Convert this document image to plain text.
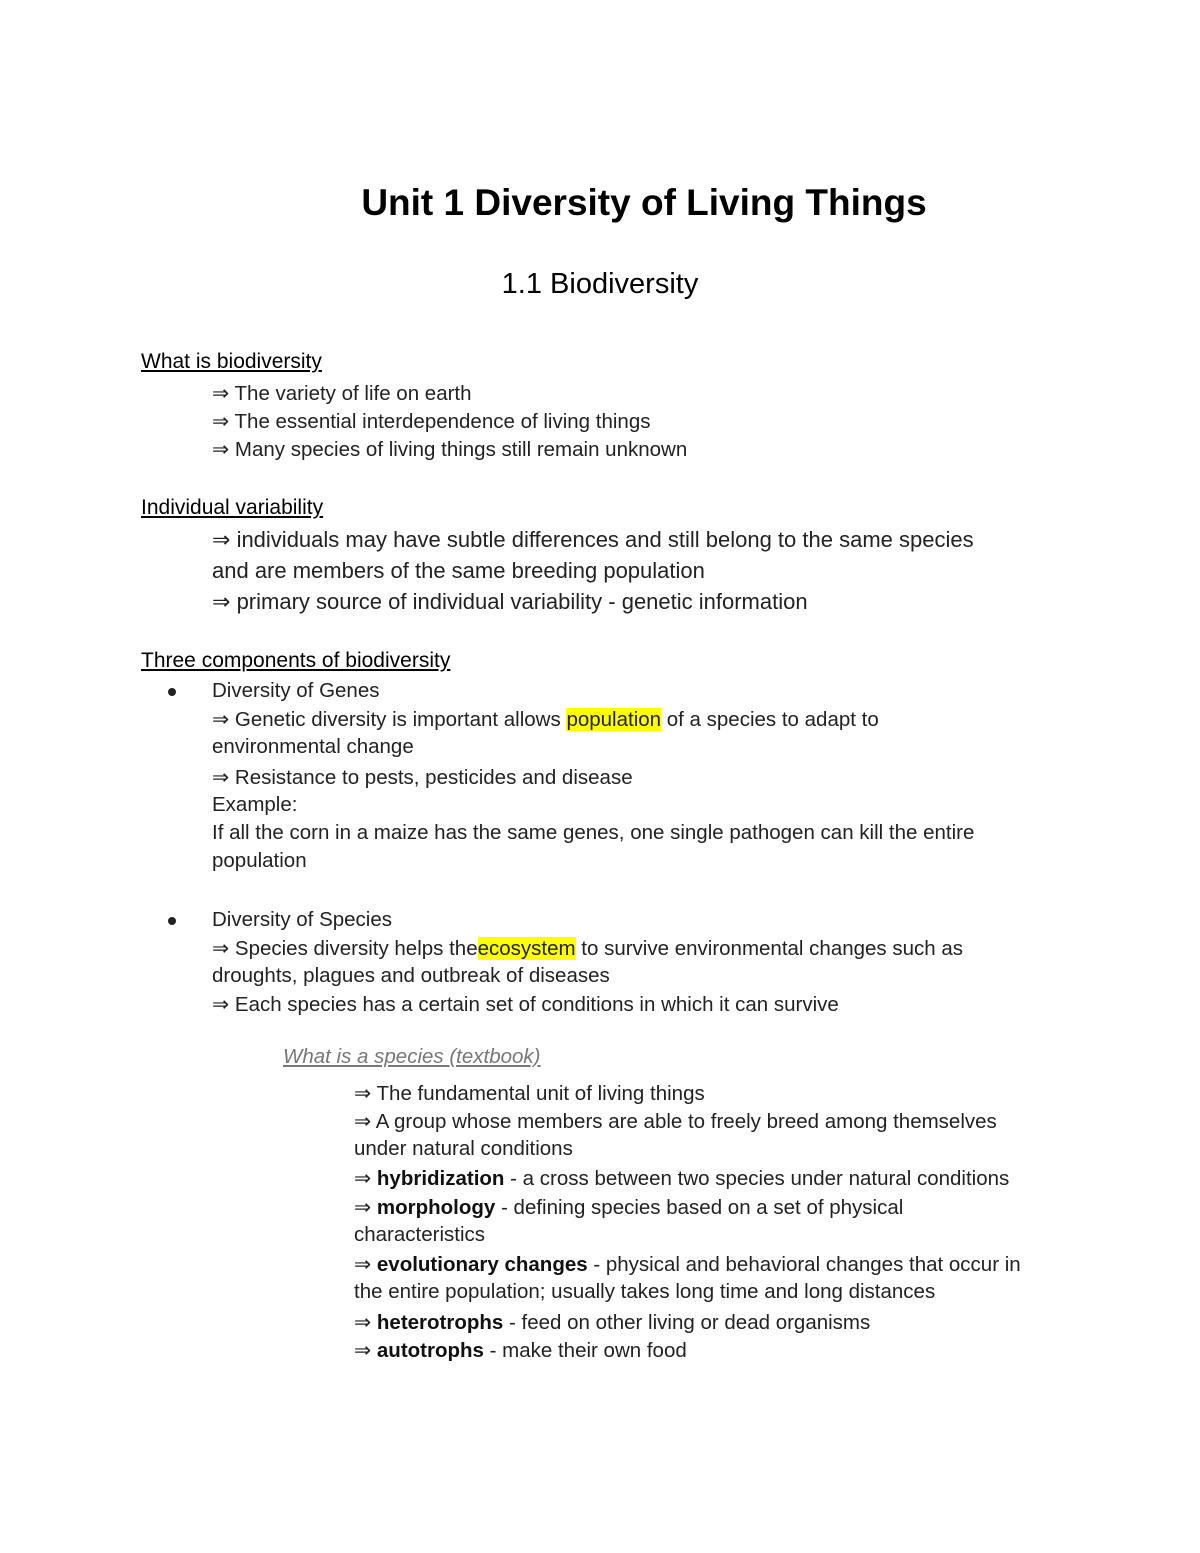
Unit 1 Diversity of Living Things
1.1 Biodiversity
What is biodiversity
⇒ The variety of life on earth
⇒ The essential interdependence of living things
⇒ Many species of living things still remain unknown
Individual variability
⇒ individuals may have subtle differences and still belong to the same species
and are members of the same breeding population
⇒ primary source of individual variability - genetic information
Three components of biodiversity
Diversity of Genes
⇒ Genetic diversity is important allows population of a species to adapt to
environmental change
⇒ Resistance to pests, pesticides and disease
Example:
If all the corn in a maize has the same genes, one single pathogen can kill the entire
population
Diversity of Species
⇒ Species diversity helps theecosystem to survive environmental changes such as
droughts, plagues and outbreak of diseases
⇒ Each species has a certain set of conditions in which it can survive
What is a species (textbook)
⇒ The fundamental unit of living things
⇒ A group whose members are able to freely breed among themselves
under natural conditions
⇒ hybridization - a cross between two species under natural conditions
⇒ morphology - defining species based on a set of physical
characteristics
⇒ evolutionary changes - physical and behavioral changes that occur in
the entire population; usually takes long time and long distances
⇒ heterotrophs - feed on other living or dead organisms
⇒ autotrophs - make their own food
